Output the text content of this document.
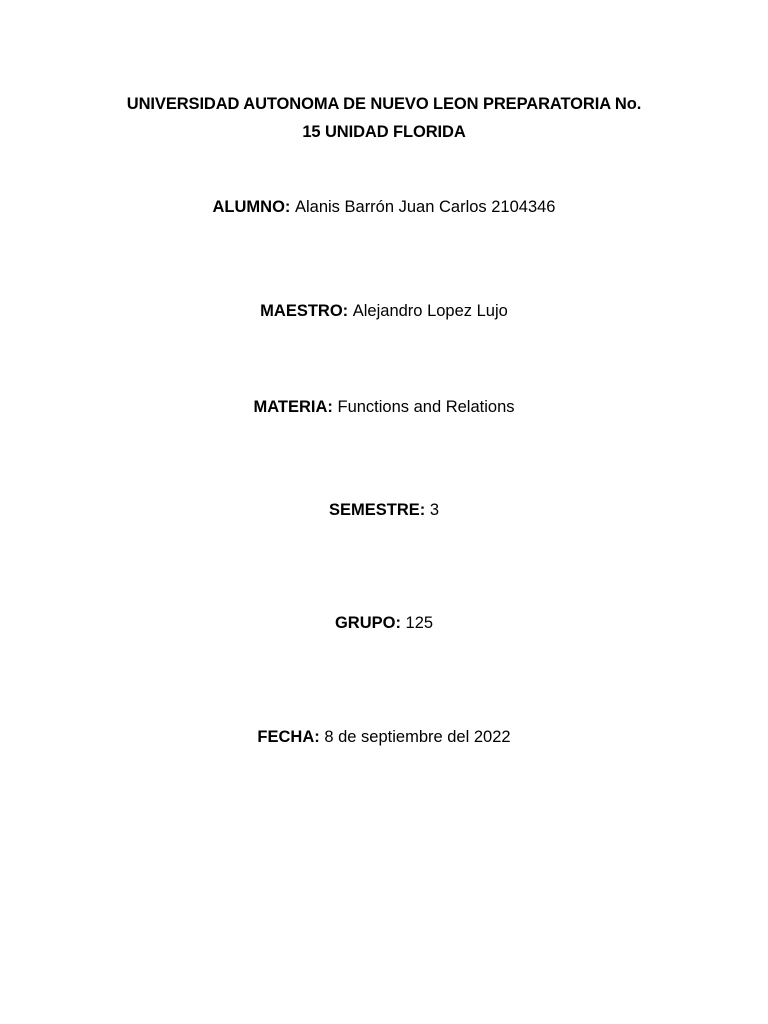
UNIVERSIDAD AUTONOMA DE NUEVO LEON PREPARATORIA No.
15 UNIDAD FLORIDA
ALUMNO: Alanis Barrón Juan Carlos 2104346
MAESTRO: Alejandro Lopez Lujo
MATERIA: Functions and Relations
SEMESTRE: 3
GRUPO: 125
FECHA: 8 de septiembre del 2022
